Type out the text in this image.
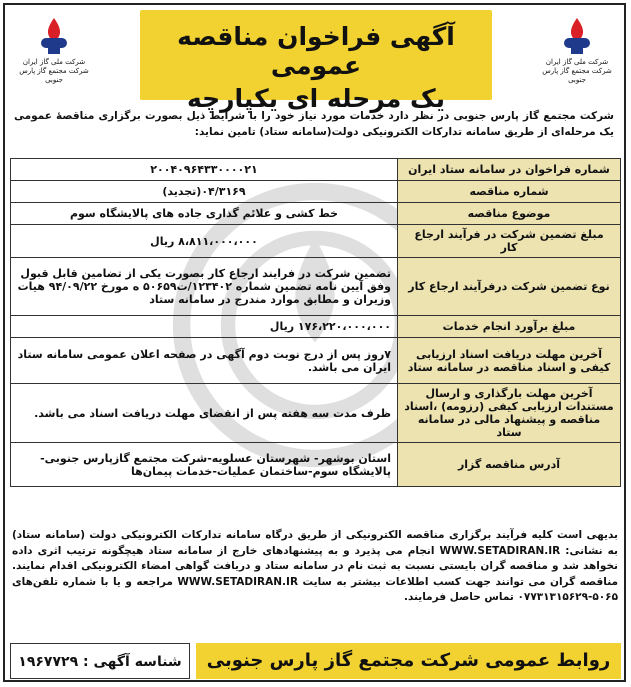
شرکت ملی گاز ایران
شرکت مجتمع گاز پارس جنوبی
شرکت ملی گاز ایران
شرکت مجتمع گاز پارس جنوبی
آگهی فراخوان مناقصه عمومی
یک مرحله ای یکپارچه
شرکت مجتمع گاز پارس جنوبی در نظر دارد خدمات مورد نیاز خود را با شرایط ذیل بصورت برگزاری مناقصهٔ عمومی یک مرحله‌ای از طریق سامانه تدارکات الکترونیکی دولت(سامانه ستاد) تامین نماید:
شماره فراخوان در سامانه ستاد ایران	۲۰۰۴۰۹۶۴۳۳۰۰۰۰۲۱
شماره مناقصه	۰۴/۳۱۶۹(تجدید)
موضوع مناقصه	خط کشی و علائم گذاری جاده های پالایشگاه سوم
مبلغ تضمین شرکت در فرآیند ارجاع کار	۸،۸۱۱،۰۰۰،۰۰۰ ریال
نوع تضمین شرکت درفرآیند ارجاع کار	تضمین شرکت در فرایند ارجاع کار بصورت یکی از تضامین قابل قبول وفق آیین نامه تضمین شماره ۱۲۳۴۰۲/ت۵۰۶۵۹ ه مورخ ۹۴/۰۹/۲۲ هیات وزیران و مطابق موارد مندرج در سامانه ستاد
مبلغ برآورد انجام خدمات	۱۷۶،۲۲۰،۰۰۰،۰۰۰ ریال
آخرین مهلت دریافت اسناد ارزیابی کیفی و اسناد مناقصه در سامانه ستاد	۷روز پس از درج نوبت دوم آگهی در صفحه اعلان عمومی سامانه ستاد ایران می باشد.
آخرین مهلت بارگذاری و ارسال مستندات ارزیابی کیفی (رزومه) ،اسناد مناقصه و پیشنهاد مالی در سامانه ستاد	ظرف مدت سه هفته پس از انقضای مهلت دریافت اسناد می باشد.
آدرس مناقصه گزار	استان بوشهر- شهرستان عسلویه-شرکت مجتمع گازپارس جنوبی-پالایشگاه سوم-ساختمان عملیات-خدمات پیمان‌ها
بدیهی است کلیه فرآیند برگزاری مناقصه الکترونیکی از طریق درگاه سامانه تدارکات الکترونیکی دولت (سامانه ستاد) به نشانی: WWW.SETADIRAN.IR انجام می پذیرد و به پیشنهادهای خارج از سامانه ستاد هیچگونه ترتیب اثری داده نخواهد شد و مناقصه گران بایستی نسبت به ثبت نام در سامانه ستاد و دریافت گواهی امضاء الکترونیکی اقدام نمایند. مناقصه گران می توانند جهت کسب اطلاعات بیشتر به سایت WWW.SETADIRAN.IR مراجعه و یا با شماره تلفن‌های ۵۰۶۵-۰۷۷۳۱۳۱۵۶۲۹ تماس حاصل فرمایند.
روابط عمومی شرکت مجتمع گاز پارس جنوبی
شناسه آگهی : ۱۹۶۷۷۲۹
